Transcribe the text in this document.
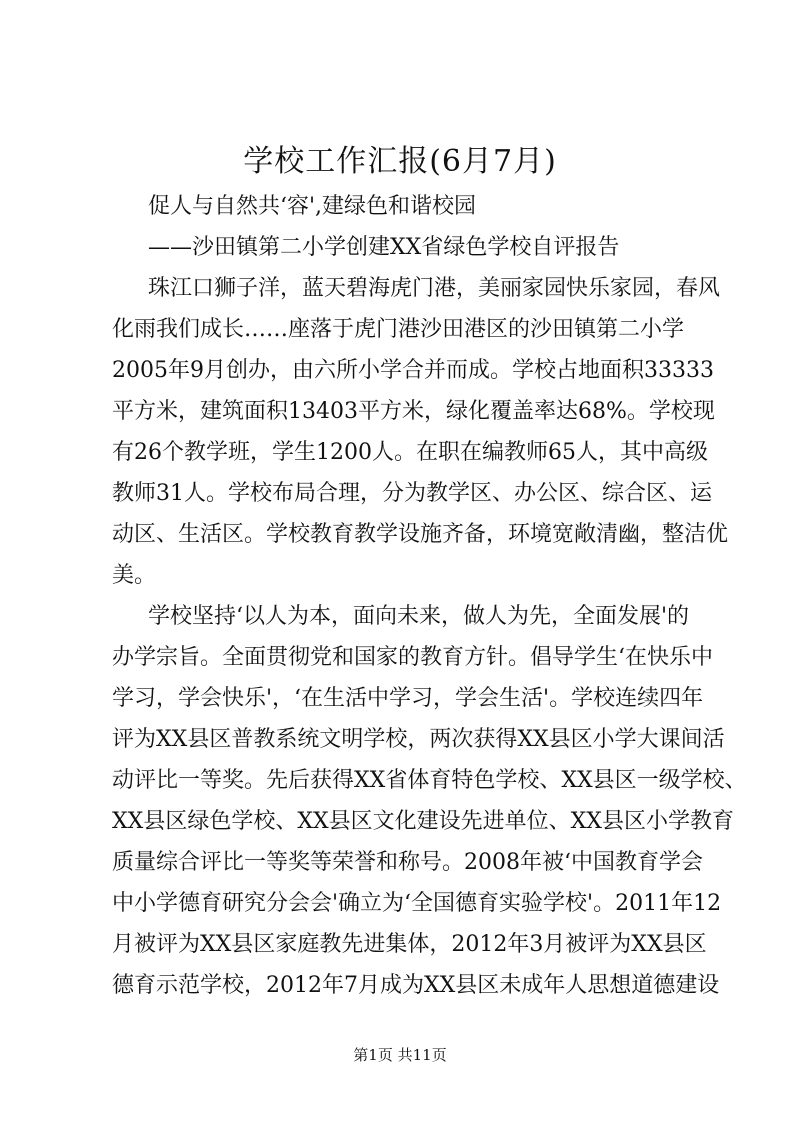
学校工作汇报(6月7月)
促人与自然共‘容',建绿色和谐校园
——沙田镇第二小学创建XX省绿色学校自评报告
珠江口狮子洋，蓝天碧海虎门港，美丽家园快乐家园，春风
化雨我们成长……座落于虎门港沙田港区的沙田镇第二小学
2005年9月创办，由六所小学合并而成。学校占地面积33333
平方米，建筑面积13403平方米，绿化覆盖率达68%。学校现
有26个教学班，学生1200人。在职在编教师65人，其中高级
教师31人。学校布局合理，分为教学区、办公区、综合区、运
动区、生活区。学校教育教学设施齐备，环境宽敞清幽，整洁优
美。
学校坚持‘以人为本，面向未来，做人为先，全面发展'的
办学宗旨。全面贯彻党和国家的教育方针。倡导学生‘在快乐中
学习，学会快乐'，‘在生活中学习，学会生活'。学校连续四年
评为XX县区普教系统文明学校，两次获得XX县区小学大课间活
动评比一等奖。先后获得XX省体育特色学校、XX县区一级学校、
XX县区绿色学校、XX县区文化建设先进单位、XX县区小学教育
质量综合评比一等奖等荣誉和称号。2008年被‘中国教育学会
中小学德育研究分会会'确立为‘全国德育实验学校'。2011年12
月被评为XX县区家庭教先进集体，2012年3月被评为XX县区
德育示范学校，2012年7月成为XX县区未成年人思想道德建设
第1页 共11页
